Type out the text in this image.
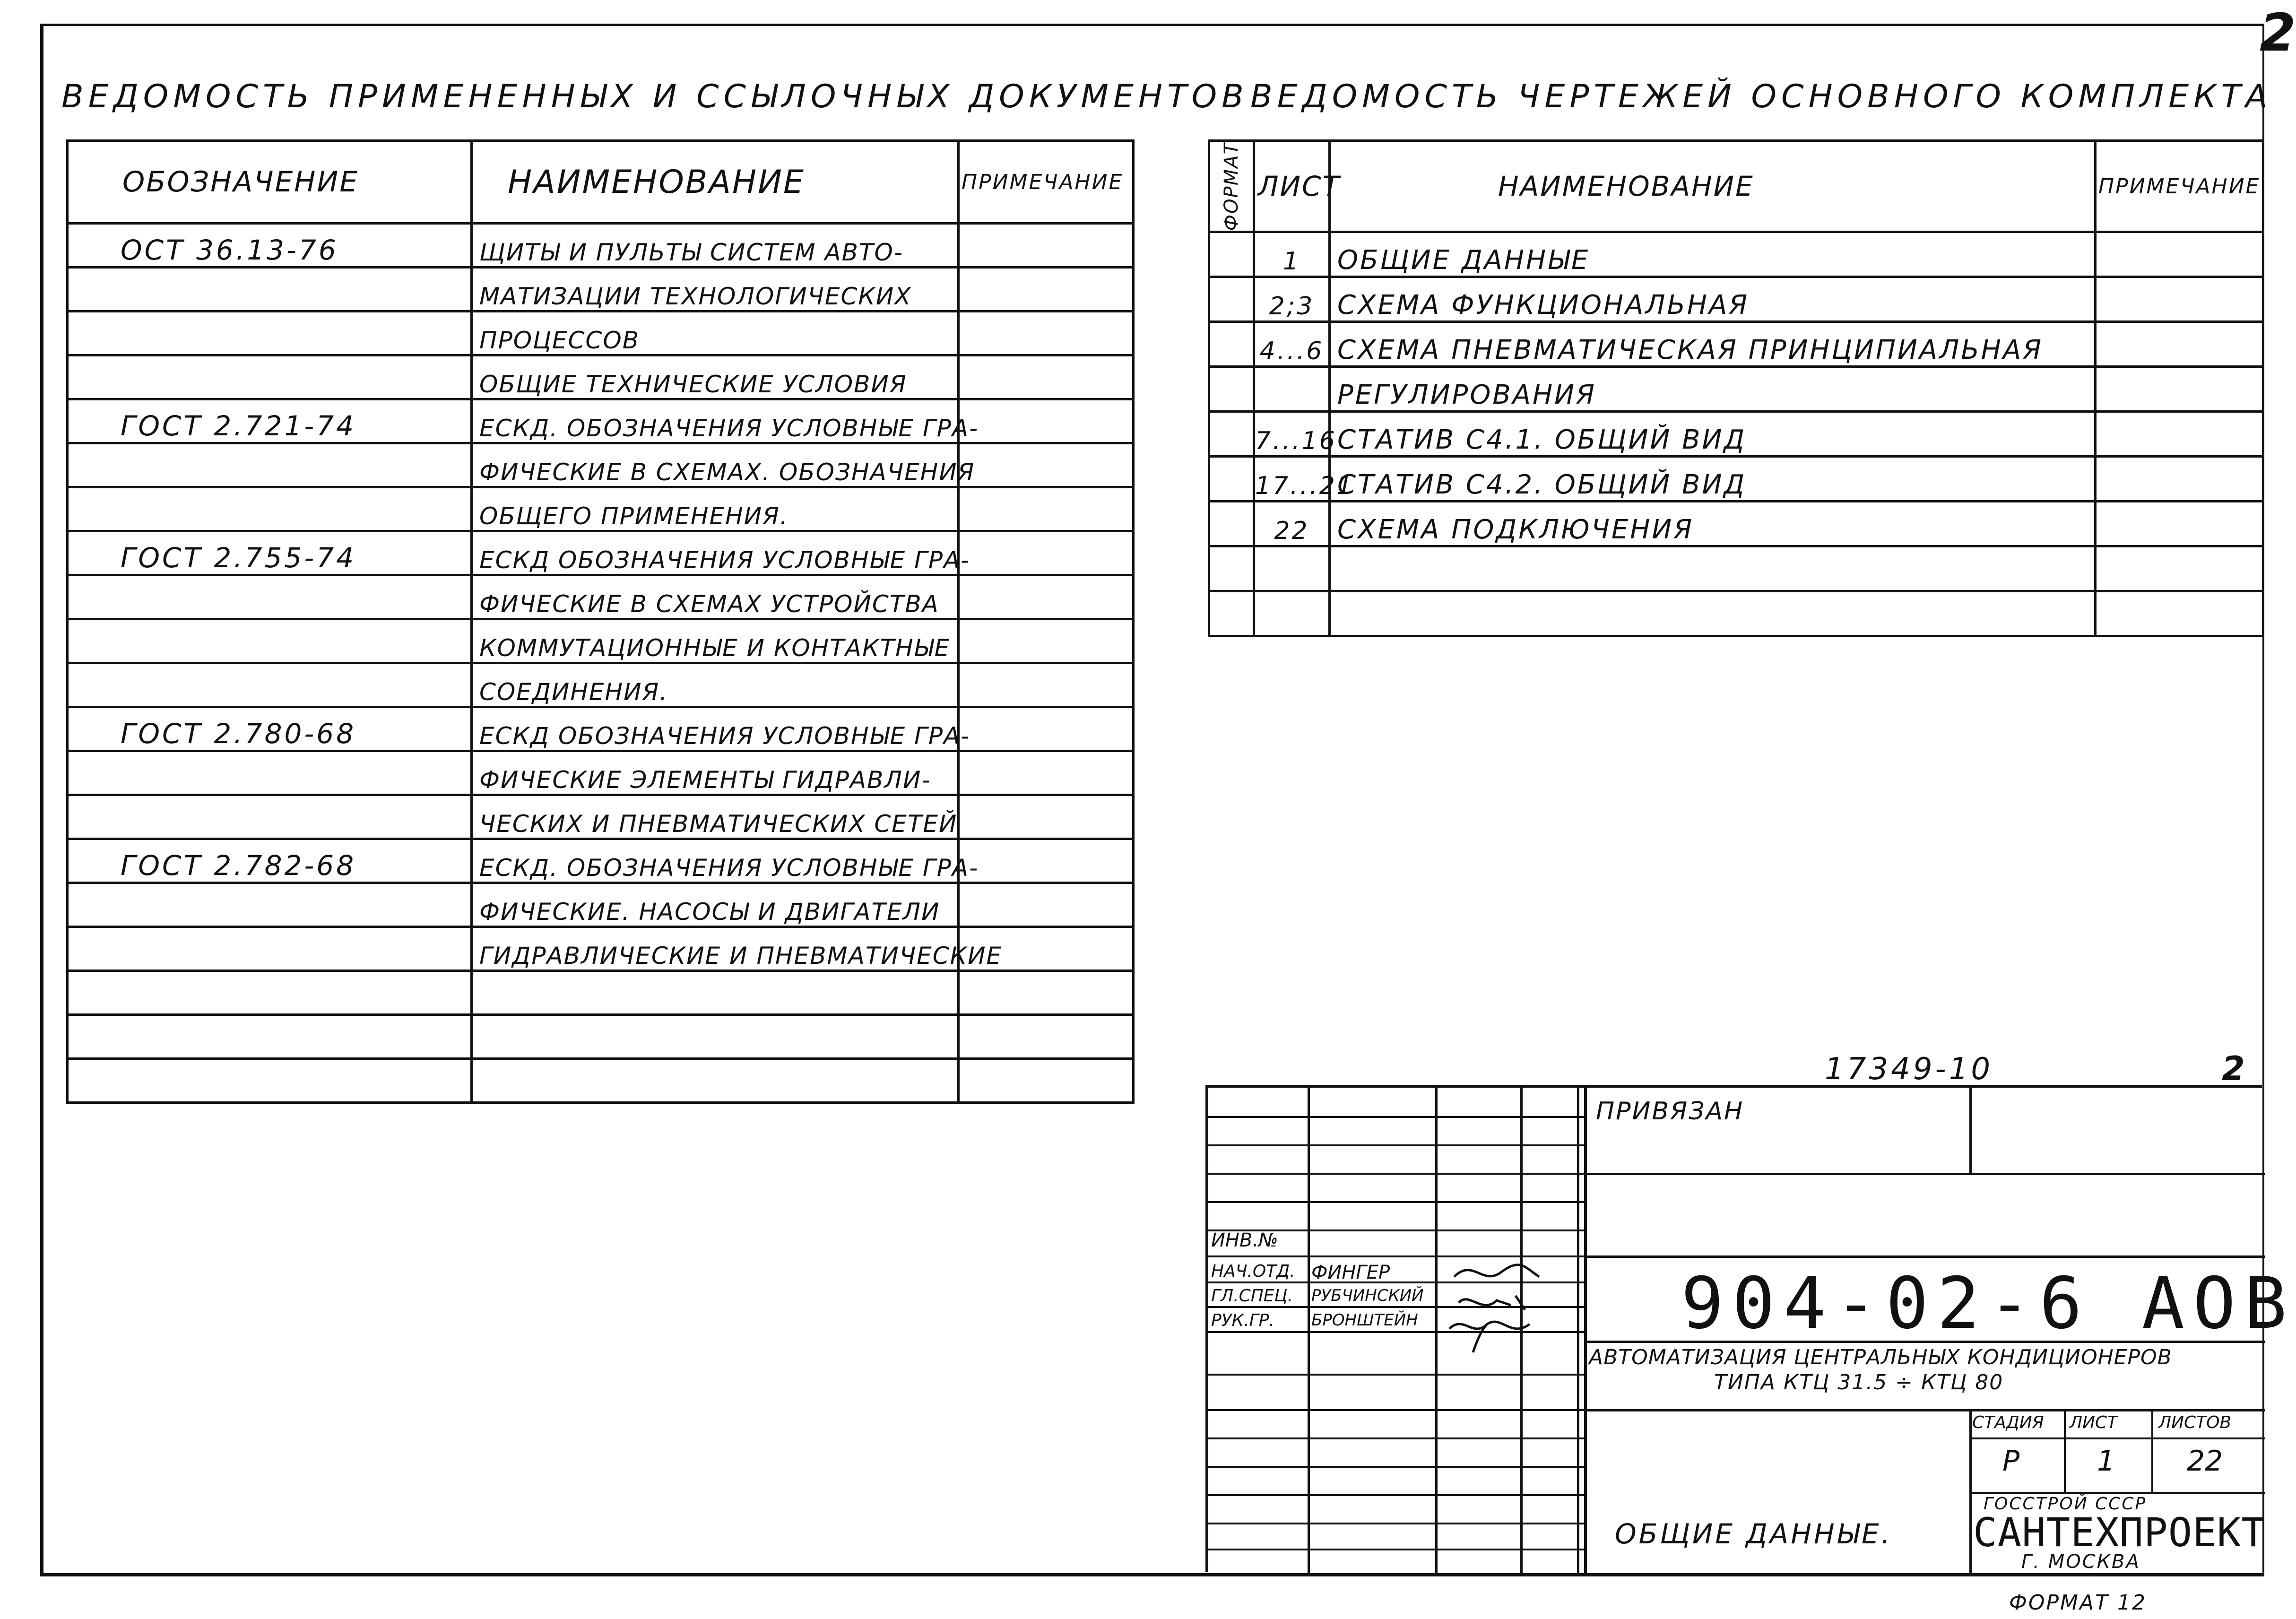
2
ВЕДОМОСТЬ ПРИМЕНЕННЫХ И ССЫЛОЧНЫХ ДОКУМЕНТОВ
ОБОЗНАЧЕНИЕ	НАИМЕНОВАНИЕ	ПРИМЕЧАНИЕ
ОСТ 36.13-76	ЩИТЫ И ПУЛЬТЫ СИСТЕМ АВТО-	
	МАТИЗАЦИИ ТЕХНОЛОГИЧЕСКИХ	
	ПРОЦЕССОВ	
	ОБЩИЕ ТЕХНИЧЕСКИЕ УСЛОВИЯ	
ГОСТ 2.721-74	ЕСКД. ОБОЗНАЧЕНИЯ УСЛОВНЫЕ ГРА-	
	ФИЧЕСКИЕ В СХЕМАХ. ОБОЗНАЧЕНИЯ	
	ОБЩЕГО ПРИМЕНЕНИЯ.	
ГОСТ 2.755-74	ЕСКД ОБОЗНАЧЕНИЯ УСЛОВНЫЕ ГРА-	
	ФИЧЕСКИЕ В СХЕМАХ УСТРОЙСТВА	
	КОММУТАЦИОННЫЕ И КОНТАКТНЫЕ	
	СОЕДИНЕНИЯ.	
ГОСТ 2.780-68	ЕСКД ОБОЗНАЧЕНИЯ УСЛОВНЫЕ ГРА-	
	ФИЧЕСКИЕ ЭЛЕМЕНТЫ ГИДРАВЛИ-	
	ЧЕСКИХ И ПНЕВМАТИЧЕСКИХ СЕТЕЙ	
ГОСТ 2.782-68	ЕСКД. ОБОЗНАЧЕНИЯ УСЛОВНЫЕ ГРА-	
	ФИЧЕСКИЕ. НАСОСЫ И ДВИГАТЕЛИ	
	ГИДРАВЛИЧЕСКИЕ И ПНЕВМАТИЧЕСКИЕ	

ВЕДОМОСТЬ ЧЕРТЕЖЕЙ ОСНОВНОГО КОМПЛЕКТА
ФОРМАТ	ЛИСТ	НАИМЕНОВАНИЕ	ПРИМЕЧАНИЕ
	1	ОБЩИЕ ДАННЫЕ	
	2;3	СХЕМА ФУНКЦИОНАЛЬНАЯ	
	4...6	СХЕМА ПНЕВМАТИЧЕСКАЯ ПРИНЦИПИАЛЬНАЯ	
		РЕГУЛИРОВАНИЯ	
	7...16	СТАТИВ С4.1. ОБЩИЙ ВИД	
	17...21	СТАТИВ С4.2. ОБЩИЙ ВИД	
	22	СХЕМА ПОДКЛЮЧЕНИЯ	

17349-10	2
ПРИВЯЗАН
ИНВ.№
НАЧ.ОТД. ФИНГЕР
ГЛ.СПЕЦ. РУБЧИНСКИЙ
РУК.ГР. БРОНШТЕЙН	904-02-6 АОВ
АВТОМАТИЗАЦИЯ ЦЕНТРАЛЬНЫХ КОНДИЦИОНЕРОВ
ТИПА КТЦ 31.5 ÷ КТЦ 80
СТАДИЯ ЛИСТ ЛИСТОВ
Р	1	22
ОБЩИЕ ДАННЫЕ.
ГОССТРОЙ СССР
САНТЕХПРОЕКТ
Г. МОСКВА
ФОРМАТ 12
